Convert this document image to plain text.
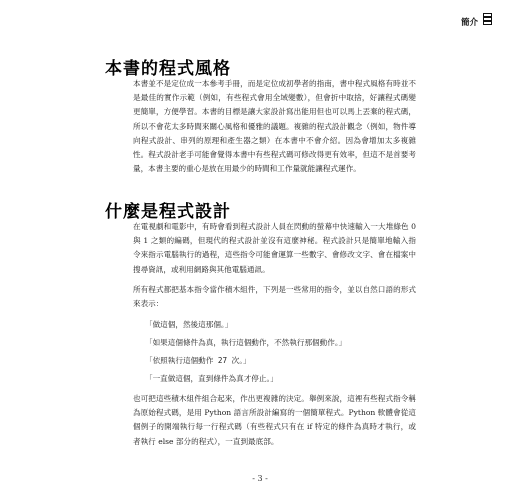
簡介
本書的程式風格
本書並不是定位成一本參考手冊，而是定位成初學者的指南，書中程式風格有時並不是最佳的實作示範（例如，有些程式會用全域變數），但會折中取捨，好讓程式碼變更簡單，方便學習。本書的目標是讓大家設計寫出能用但也可以馬上丟棄的程式碼，所以不會花太多時間來關心風格和優雅的議題。複雜的程式設計觀念（例如，物件導向程式設計、串列的原理和產生器之類）在本書中不會介紹。因為會增加太多複雜性。程式設計老手可能會覺得本書中有些程式碼可修改得更有效率，但這不是首要考量，本書主要的重心是放在用最少的時間和工作量就能讓程式運作。
什麼是程式設計
在電視劇和電影中，有時會看到程式設計人員在閃動的螢幕中快速輸入一大堆綠色 0 與 1 之類的編碼，但現代的程式設計並沒有這麼神秘。程式設計只是簡單地輸入指令來指示電腦執行的過程，這些指令可能會運算一些數字、會修改文字、會在檔案中搜尋資訊，或利用網路與其他電腦通訊。
所有程式都把基本指令當作積木組件，下列是一些常用的指令，並以自然口語的形式來表示：
「做這個，然後這那個。」
「如果這個條件為真，執行這個動作，不然執行那個動作。」
「依照執行這個動作 27 次。」
「一直做這個，直到條件為真才停止。」
也可把這些積木組件組合起來，作出更複雜的決定。舉例來說，這裡有些程式指令稱為原始程式碼，是用 Python 語言所設計編寫的一個簡單程式。Python 軟體會從這個例子的開端執行每一行程式碼（有些程式只有在 if 特定的條件為真時才執行，或者執行 else 部分的程式），一直到最底部。
- 3 -
